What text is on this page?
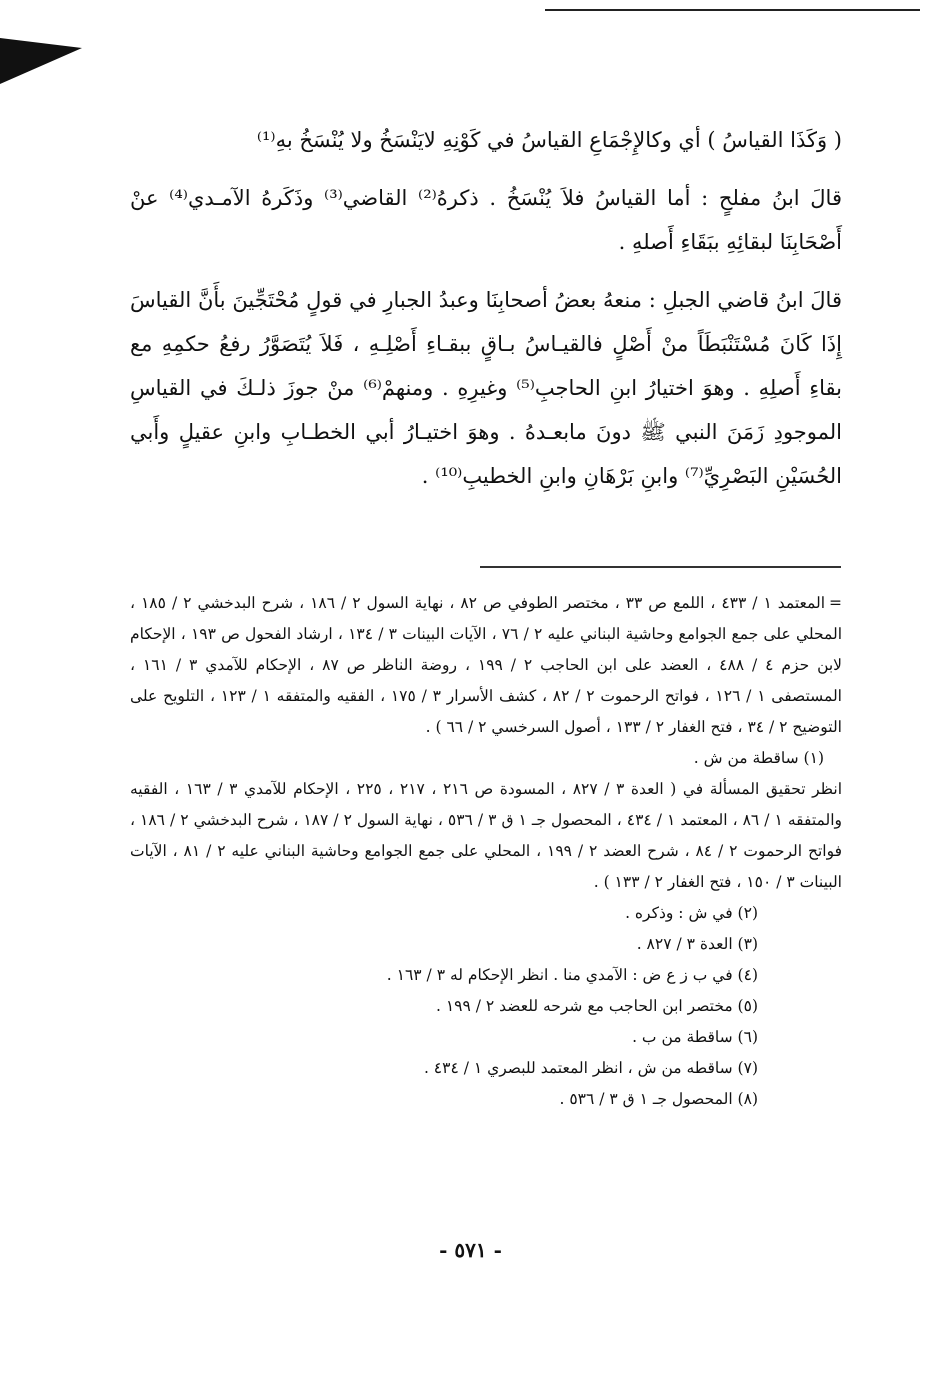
( وَكَذَا القياسُ ) أي وكالإِجْمَاعِ القياسُ في كَوْنِهِ لايَنْسَخُ ولا يُنْسَخُ بهِ⁽¹⁾

قالَ ابنُ مفلحٍ : أما القياسُ فلاَ يُنْسَخُ . ذكرهُ⁽²⁾ القاضي⁽³⁾ وذَكَرهُ الآمـدي⁽⁴⁾ عنْ أَصْحَابِنَا لبقائِهِ ببَقَاءِ أَصلهِ .

قالَ ابنُ قاضي الجبلِ : منعهُ بعضُ أصحابِنَا وعبدُ الجبارِ في قولٍ مُحْتَجِّينَ بأَنَّ القياسَ إِذَا كَانَ مُسْتَنْبَطَاً منْ أَصْلٍ فالقيـاسُ بـاقٍ ببقـاءِ أَصْلِـهِ ، فَلاَ يُتَصَوَّرُ رفعُ حكمِهِ مع بقاءِ أَصلِهِ . وهوَ اختيارُ ابنِ الحاجبِ⁽⁵⁾ وغيرِهِ . ومنهمْ⁽⁶⁾ منْ جوزَ ذلـكَ في القياسِ الموجودِ زَمَنَ النبي ﷺ دونَ مابعـدهُ . وهوَ اختيـارُ أبي الخطـابِ وابنِ عقيلٍ وأَبي الحُسَيْنِ البَصْرِيِّ⁽⁷⁾ وابنِ بَرْهَانِ وابنِ الخطيبِ⁽¹⁰⁾ .

=
المعتمد ١ / ٤٣٣ ، اللمع ص ٣٣ ، مختصر الطوفي ص ٨٢ ، نهاية السول ٢ / ١٨٦ ، شرح البدخشي ٢ / ١٨٥ ، المحلي على جمع الجوامع وحاشية البناني عليه ٢ / ٧٦ ، الآيات البينات ٣ / ١٣٤ ، ارشاد الفحول ص ١٩٣ ، الإحكام لابن حزم ٤ / ٤٨٨ ، العضد على ابن الحاجب ٢ / ١٩٩ ، روضة الناظر ص ٨٧ ، الإحكام للآمدي ٣ / ١٦١ ، المستصفى ١ / ١٢٦ ، فواتح الرحموت ٢ / ٨٢ ، كشف الأسرار ٣ / ١٧٥ ، الفقيه والمتفقه ١ / ١٢٣ ، التلويح على التوضيح ٢ / ٣٤ ، فتح الغفار ٢ / ١٣٣ ، أصول السرخسي ٢ / ٦٦ ) .

(١) ساقطة من ش .

انظر تحقيق المسألة في ( العدة ٣ / ٨٢٧ ، المسودة ص ٢١٦ ، ٢١٧ ، ٢٢٥ ، الإحكام للآمدي ٣ / ١٦٣ ، الفقيه والمتفقه ١ / ٨٦ ، المعتمد ١ / ٤٣٤ ، المحصول جـ ١ ق ٣ / ٥٣٦ ، نهاية السول ٢ / ١٨٧ ، شرح البدخشي ٢ / ١٨٦ ، فواتح الرحموت ٢ / ٨٤ ، شرح العضد ٢ / ١٩٩ ، المحلي على جمع الجوامع وحاشية البناني عليه ٢ / ٨١ ، الآيات البينات ٣ / ١٥٠ ، فتح الغفار ٢ / ١٣٣ ) .

(٢) في ش : وذكره .

(٣) العدة ٣ / ٨٢٧ .

(٤) في ب ز ع ض : الآمدي منا . انظر الإحكام له ٣ / ١٦٣ .

(٥) مختصر ابن الحاجب مع شرحه للعضد ٢ / ١٩٩ .

(٦) ساقطة من ب .

(٧) ساقطه من ش ، انظر المعتمد للبصري ١ / ٤٣٤ .

(٨) المحصول جـ ١ ق ٣ / ٥٣٦ .

- ٥٧١ -
